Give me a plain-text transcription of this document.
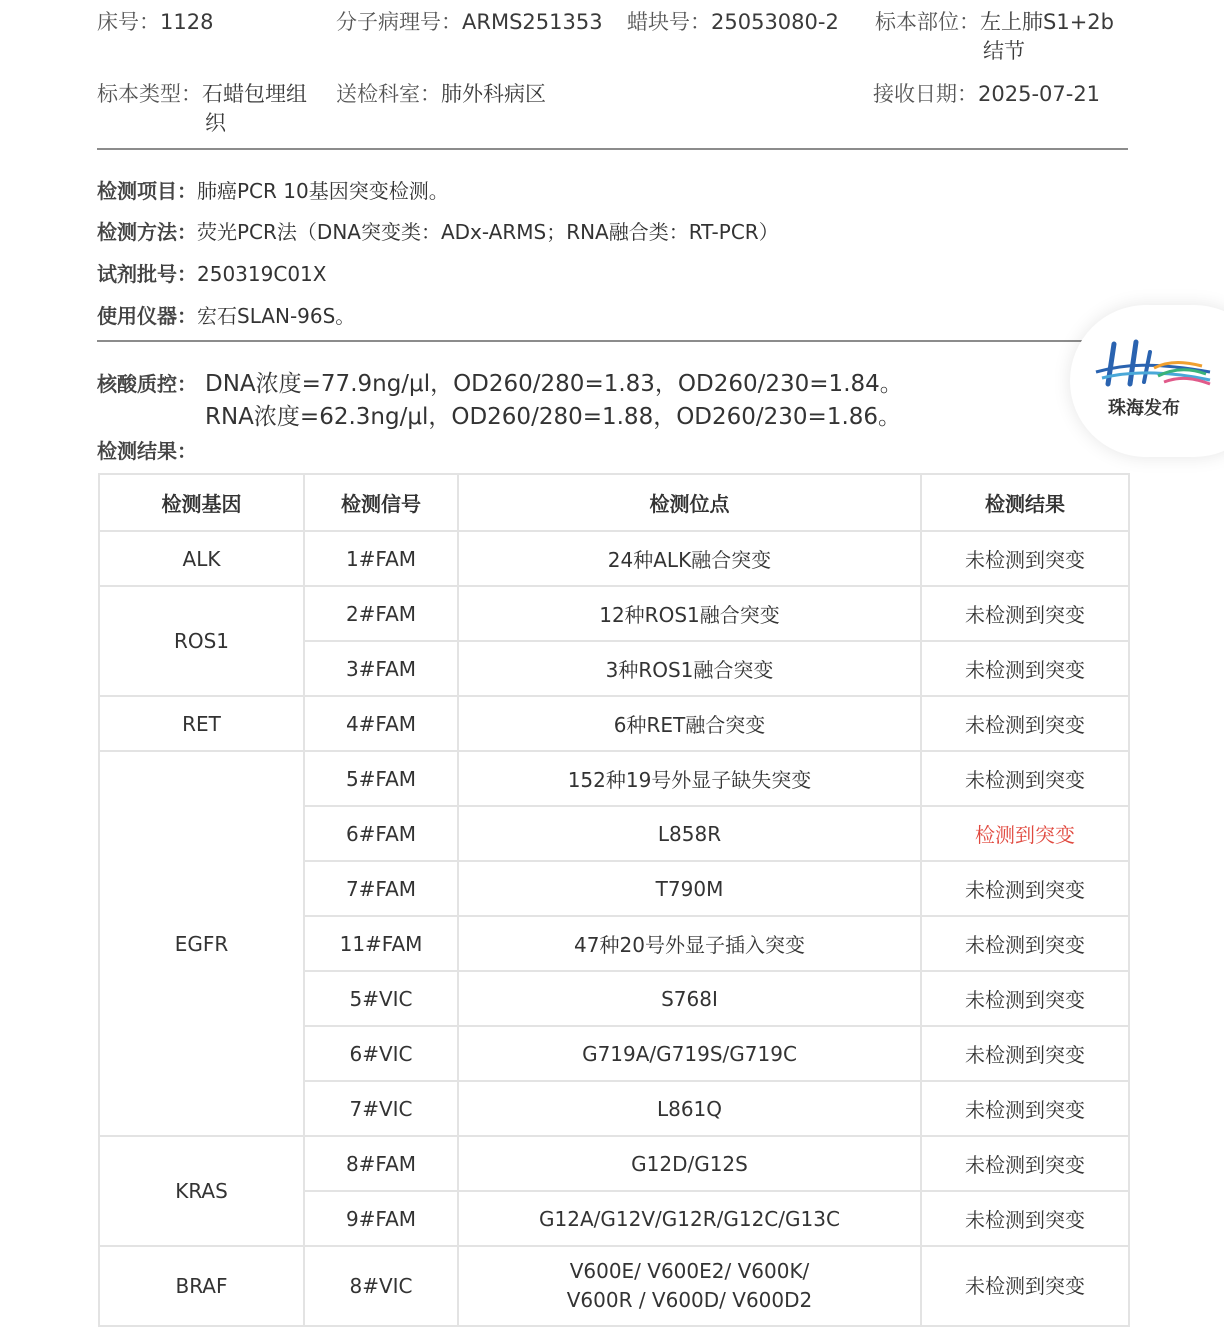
床号：1128	分子病理号：ARMS251353 蜡块号：25053080-2 标本部位：左上肺S1+2b
结节
标本类型：石蜡包埋组
织
送检科室：肺外科病区	接收日期：2025-07-21
检测项目：肺癌PCR 10基因突变检测。
检测方法：荧光PCR法（DNA突变类：ADx-ARMS；RNA融合类：RT-PCR）
试剂批号：250319C01X
使用仪器：宏石SLAN-96S。
核酸质控： DNA浓度=77.9ng/μl，OD260/280=1.83，OD260/230=1.84。
RNA浓度=62.3ng/μl，OD260/280=1.88，OD260/230=1.86。
检测结果：
检测基因	检测信号	检测位点	检测结果
ALK	1#FAM	24种ALK融合突变	未检测到突变
ROS1	2#FAM	12种ROS1融合突变	未检测到突变
	3#FAM	3种ROS1融合突变	未检测到突变
RET	4#FAM	6种RET融合突变	未检测到突变
EGFR	5#FAM	152种19号外显子缺失突变	未检测到突变
	6#FAM	L858R	检测到突变
	7#FAM	T790M	未检测到突变
	11#FAM	47种20号外显子插入突变	未检测到突变
	5#VIC	S768I	未检测到突变
	6#VIC	G719A/G719S/G719C	未检测到突变
	7#VIC	L861Q	未检测到突变
KRAS	8#FAM	G12D/G12S	未检测到突变
	9#FAM	G12A/G12V/G12R/G12C/G13C	未检测到突变
BRAF	8#VIC	V600E/ V600E2/ V600K/
V600R / V600D/ V600D2	未检测到突变
珠海发布
